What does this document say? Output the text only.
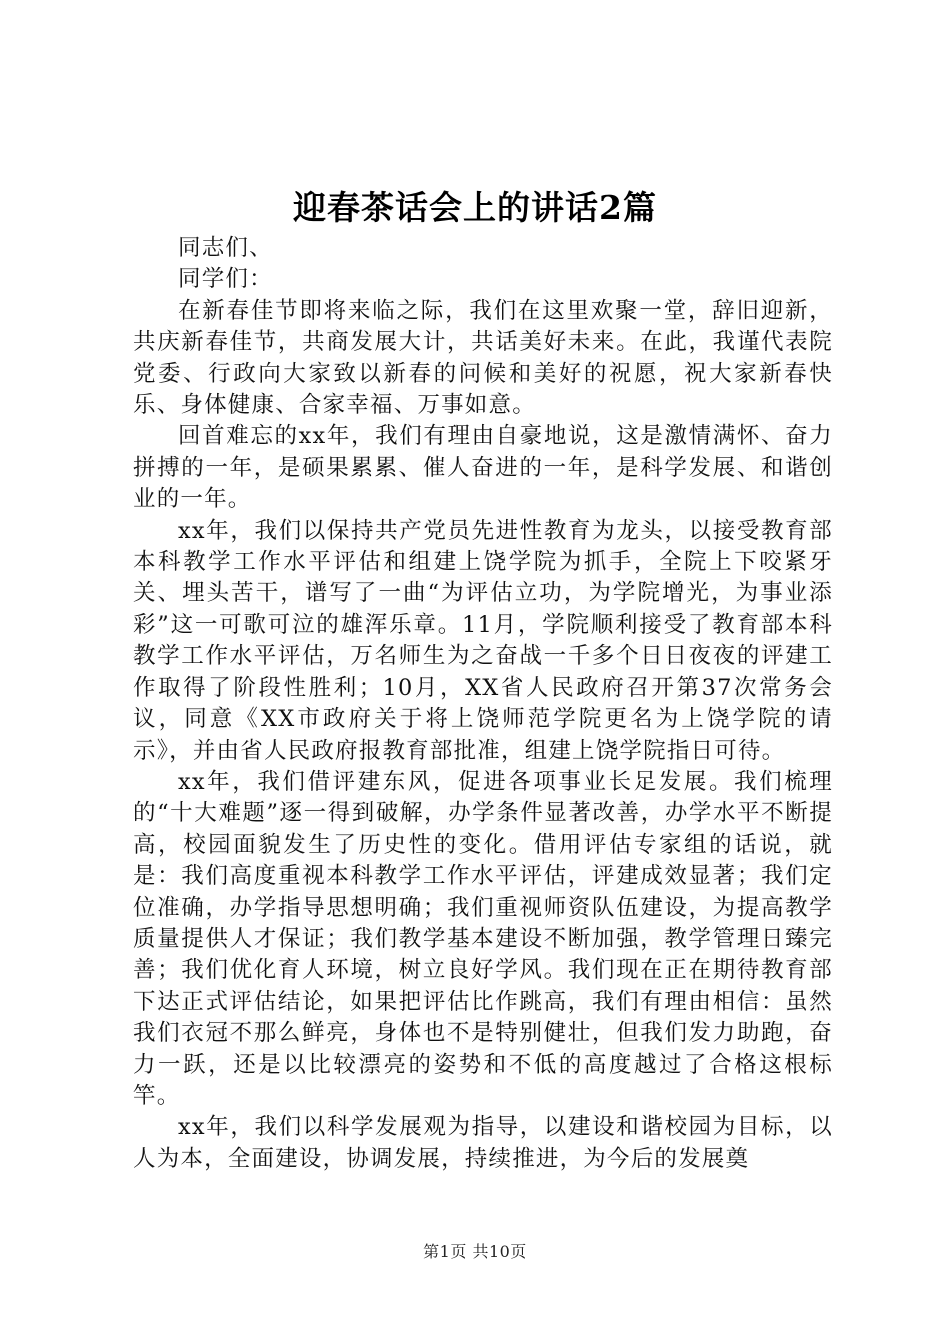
迎春茶话会上的讲话2篇

同志们、

同学们：

在新春佳节即将来临之际，我们在这里欢聚一堂，辞旧迎新，共庆新春佳节，共商发展大计，共话美好未来。在此，我谨代表院党委、行政向大家致以新春的问候和美好的祝愿，祝大家新春快乐、身体健康、合家幸福、万事如意。

回首难忘的xx年，我们有理由自豪地说，这是激情满怀、奋力拼搏的一年，是硕果累累、催人奋进的一年，是科学发展、和谐创业的一年。

xx年，我们以保持共产党员先进性教育为龙头，以接受教育部本科教学工作水平评估和组建上饶学院为抓手，全院上下咬紧牙关、埋头苦干，谱写了一曲“为评估立功，为学院增光，为事业添彩”这一可歌可泣的雄浑乐章。11月，学院顺利接受了教育部本科教学工作水平评估，万名师生为之奋战一千多个日日夜夜的评建工作取得了阶段性胜利；10月，XX省人民政府召开第37次常务会议，同意《XX市政府关于将上饶师范学院更名为上饶学院的请示》，并由省人民政府报教育部批准，组建上饶学院指日可待。

xx年，我们借评建东风，促进各项事业长足发展。我们梳理的“十大难题”逐一得到破解，办学条件显著改善，办学水平不断提高，校园面貌发生了历史性的变化。借用评估专家组的话说，就是：我们高度重视本科教学工作水平评估，评建成效显著；我们定位准确，办学指导思想明确；我们重视师资队伍建设，为提高教学质量提供人才保证；我们教学基本建设不断加强，教学管理日臻完善；我们优化育人环境，树立良好学风。我们现在正在期待教育部下达正式评估结论，如果把评估比作跳高，我们有理由相信：虽然我们衣冠不那么鲜亮，身体也不是特别健壮，但我们发力助跑，奋力一跃，还是以比较漂亮的姿势和不低的高度越过了合格这根标竿。

xx年，我们以科学发展观为指导，以建设和谐校园为目标，以人为本，全面建设，协调发展，持续推进，为今后的发展奠

第1页 共10页
